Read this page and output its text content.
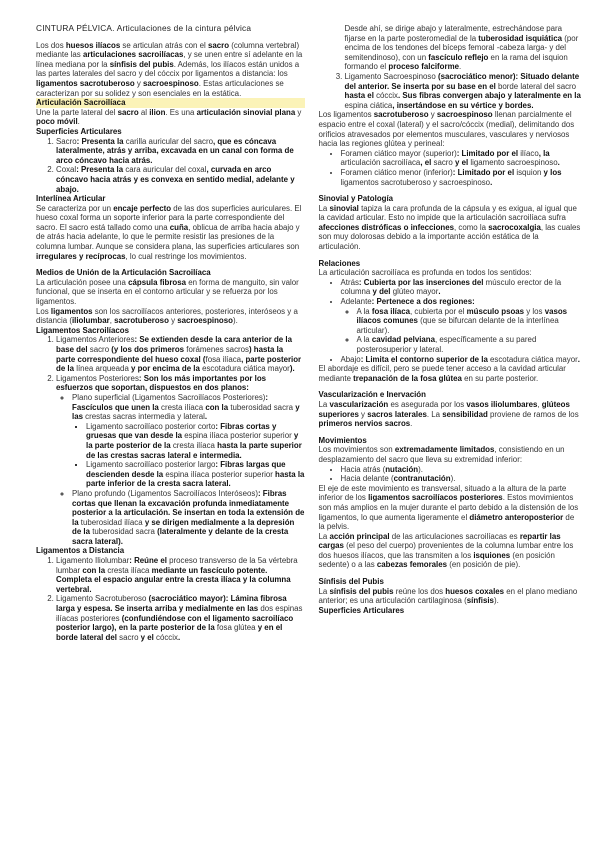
CINTURA PÉLVICA. Articulaciones de la cintura pélvica

Los dos huesos ilíacos se articulan atrás con el sacro (columna vertebral) mediante las articulaciones sacroilíacas, y se unen entre sí adelante en la línea mediana por la sínfisis del pubis. Además, los ilíacos están unidos a las partes laterales del sacro y del cóccix por ligamentos a distancia: los ligamentos sacrotuberoso y sacroespinoso. Estas articulaciones se caracterizan por su solidez y son esenciales en la estática.

Articulación Sacroilíaca

Une la parte lateral del sacro al ilion. Es una articulación sinovial plana y poco móvil.

Superficies Articulares

1. Sacro: Presenta la carilla auricular del sacro, que es cóncava lateralmente, atrás y arriba, excavada en un canal con forma de arco cóncavo hacia atrás.
2. Coxal: Presenta la cara auricular del coxal, curvada en arco cóncavo hacia atrás y es convexa en sentido medial, adelante y abajo.

Interlínea Articular

Se caracteriza por un encaje perfecto de las dos superficies auriculares. El hueso coxal forma un soporte inferior para la parte correspondiente del sacro. El sacro está tallado como una cuña, oblicua de arriba hacia abajo y de atrás hacia adelante, lo que le permite resistir las presiones de la columna lumbar. Aunque se considera plana, las superficies articulares son irregulares y recíprocas, lo cual restringe los movimientos.

Medios de Unión de la Articulación Sacroilíaca

La articulación posee una cápsula fibrosa en forma de manguito, sin valor funcional, que se inserta en el contorno articular y se refuerza por los ligamentos.

Los ligamentos son los sacroilíacos anteriores, posteriores, interóseos y a distancia (iliolumbar, sacrotuberoso y sacroespinoso).

Ligamentos Sacroilíacos

1. Ligamentos Anteriores: Se extienden desde la cara anterior de la base del sacro (y los dos primeros forámenes sacros) hasta la parte correspondiente del hueso coxal (fosa ilíaca, parte posterior de la línea arqueada y por encima de la escotadura ciática mayor).
2. Ligamentos Posteriores: Son los más importantes por los esfuerzos que soportan, dispuestos en dos planos:
◦ Plano superficial (Ligamentos Sacroilíacos Posteriores): Fascículos que unen la cresta ilíaca con la tuberosidad sacra y las crestas sacras intermedia y lateral.
▪ Ligamento sacroilíaco posterior corto: Fibras cortas y gruesas que van desde la espina ilíaca posterior superior y la parte posterior de la cresta ilíaca hasta la parte superior de las crestas sacras lateral e intermedia.
▪ Ligamento sacroilíaco posterior largo: Fibras largas que descienden desde la espina ilíaca posterior superior hasta la parte inferior de la cresta sacra lateral.
◦ Plano profundo (Ligamentos Sacroilíacos Interóseos): Fibras cortas que llenan la excavación profunda inmediatamente posterior a la articulación. Se insertan en toda la extensión de la tuberosidad ilíaca y se dirigen medialmente a la depresión de la tuberosidad sacra (lateralmente y delante de la cresta sacra lateral).

Ligamentos a Distancia

1. Ligamento Iliolumbar: Reúne el proceso transverso de la 5a vértebra lumbar con la cresta ilíaca mediante un fascículo potente. Completa el espacio angular entre la cresta ilíaca y la columna vertebral.
2. Ligamento Sacrotuberoso (sacrociático mayor): Lámina fibrosa larga y espesa. Se inserta arriba y medialmente en las dos espinas ilíacas posteriores (confundiéndose con el ligamento sacroilíaco posterior largo), en la parte posterior de la fosa glútea y en el borde lateral del sacro y el cóccix.

Desde ahí, se dirige abajo y lateralmente, estrechándose para fijarse en la parte posteromedial de la tuberosidad isquiática (por encima de los tendones del bíceps femoral -cabeza larga- y del semitendinoso), con un fascículo reflejo en la rama del isquion formando el proceso falciforme.

3. Ligamento Sacroespinoso (sacrociático menor): Situado delante del anterior. Se inserta por su base en el borde lateral del sacro hasta el cóccix. Sus fibras convergen abajo y lateralmente en la espina ciática, insertándose en su vértice y bordes.

Los ligamentos sacrotuberoso y sacroespinoso llenan parcialmente el espacio entre el coxal (lateral) y el sacro/cóccix (medial), delimitando dos orificios atravesados por elementos musculares, vasculares y nerviosos hacia las regiones glútea y perineal:

• Foramen ciático mayor (superior): Limitado por el ilíaco, la articulación sacroilíaca, el sacro y el ligamento sacroespinoso.
• Foramen ciático menor (inferior): Limitado por el isquion y los ligamentos sacrotuberoso y sacroespinoso.

Sinovial y Patología

La sinovial tapiza la cara profunda de la cápsula y es exigua, al igual que la cavidad articular. Esto no impide que la articulación sacroilíaca sufra afecciones distróficas o infecciones, como la sacrocoxalgia, las cuales son muy dolorosas debido a la importante acción estática de la articulación.

Relaciones

La articulación sacroilíaca es profunda en todos los sentidos:

• Atrás: Cubierta por las inserciones del músculo erector de la columna y del glúteo mayor.
• Adelante: Pertenece a dos regiones:
◦ A la fosa ilíaca, cubierta por el músculo psoas y los vasos ilíacos comunes (que se bifurcan delante de la interlínea articular).
◦ A la cavidad pelviana, específicamente a su pared posterosuperior y lateral.
• Abajo: Limita el contorno superior de la escotadura ciática mayor.

El abordaje es difícil, pero se puede tener acceso a la cavidad articular mediante trepanación de la fosa glútea en su parte posterior.

Vascularización e Inervación

La vascularización es asegurada por los vasos iliolumbares, glúteos superiores y sacros laterales. La sensibilidad proviene de ramos de los primeros nervios sacros.

Movimientos

Los movimientos son extremadamente limitados, consistiendo en un desplazamiento del sacro que lleva su extremidad inferior:

• Hacia atrás (nutación).
• Hacia delante (contranutación).

El eje de este movimiento es transversal, situado a la altura de la parte inferior de los ligamentos sacroilíacos posteriores. Estos movimientos son más amplios en la mujer durante el parto debido a la distensión de los ligamentos, lo que aumenta ligeramente el diámetro anteroposterior de la pelvis.

La acción principal de las articulaciones sacroilíacas es repartir las cargas (el peso del cuerpo) provenientes de la columna lumbar entre los dos huesos ilíacos, que las transmiten a los isquiones (en posición sedente) o a las cabezas femorales (en posición de pie).

Sínfisis del Pubis

La sínfisis del pubis reúne los dos huesos coxales en el plano mediano anterior; es una articulación cartilaginosa (sínfisis).

Superficies Articulares
